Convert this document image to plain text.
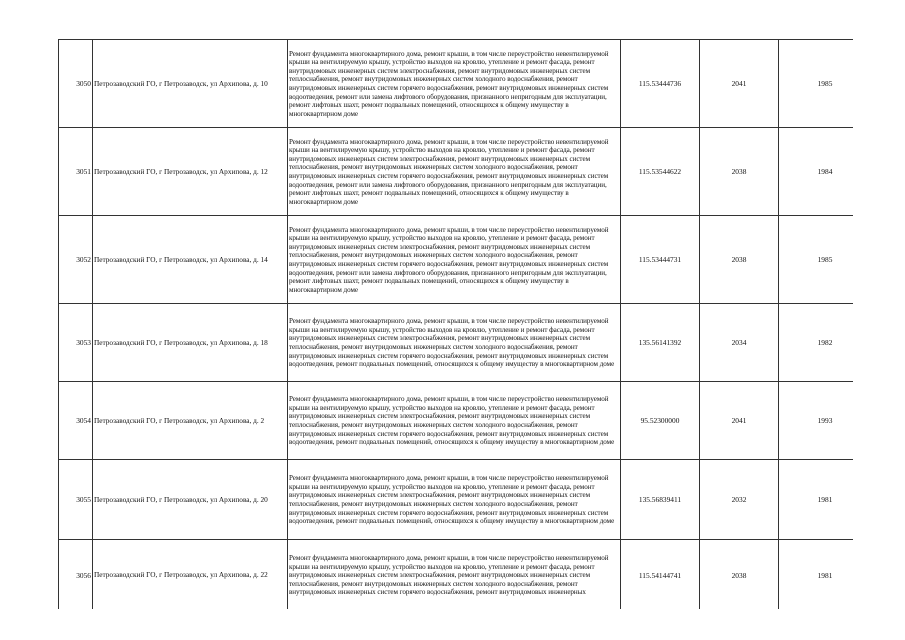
3050	Петрозаводский ГО, г Петрозаводск, ул Архипова, д. 10	Ремонт фундамента многоквартирного дома, ремонт крыши, в том числе переустройство невентилируемой крыши на вентилируемую крышу, устройство выходов на кровлю, утепление и ремонт фасада, ремонт внутридомовых инженерных систем электроснабжения, ремонт внутридомовых инженерных систем теплоснабжения, ремонт внутридомовых инженерных систем холодного водоснабжения, ремонт внутридомовых инженерных систем горячего водоснабжения, ремонт внутридомовых инженерных систем водоотведения, ремонт или замена лифтового оборудования, признанного непригодным для эксплуатации, ремонт лифтовых шахт, ремонт подвальных помещений, относящихся к общему имуществу в многоквартирном доме	115.53444736	2041	1985
3051	Петрозаводский ГО, г Петрозаводск, ул Архипова, д. 12	Ремонт фундамента многоквартирного дома, ремонт крыши, в том числе переустройство невентилируемой крыши на вентилируемую крышу, устройство выходов на кровлю, утепление и ремонт фасада, ремонт внутридомовых инженерных систем электроснабжения, ремонт внутридомовых инженерных систем теплоснабжения, ремонт внутридомовых инженерных систем холодного водоснабжения, ремонт внутридомовых инженерных систем горячего водоснабжения, ремонт внутридомовых инженерных систем водоотведения, ремонт или замена лифтового оборудования, признанного непригодным для эксплуатации, ремонт лифтовых шахт, ремонт подвальных помещений, относящихся к общему имуществу в многоквартирном доме	115.53544622	2038	1984
3052	Петрозаводский ГО, г Петрозаводск, ул Архипова, д. 14	Ремонт фундамента многоквартирного дома, ремонт крыши, в том числе переустройство невентилируемой крыши на вентилируемую крышу, устройство выходов на кровлю, утепление и ремонт фасада, ремонт внутридомовых инженерных систем электроснабжения, ремонт внутридомовых инженерных систем теплоснабжения, ремонт внутридомовых инженерных систем холодного водоснабжения, ремонт внутридомовых инженерных систем горячего водоснабжения, ремонт внутридомовых инженерных систем водоотведения, ремонт или замена лифтового оборудования, признанного непригодным для эксплуатации, ремонт лифтовых шахт, ремонт подвальных помещений, относящихся к общему имуществу в многоквартирном доме	115.53444731	2038	1985
3053	Петрозаводский ГО, г Петрозаводск, ул Архипова, д. 18	Ремонт фундамента многоквартирного дома, ремонт крыши, в том числе переустройство невентилируемой крыши на вентилируемую крышу, устройство выходов на кровлю, утепление и ремонт фасада, ремонт внутридомовых инженерных систем электроснабжения, ремонт внутридомовых инженерных систем теплоснабжения, ремонт внутридомовых инженерных систем холодного водоснабжения, ремонт внутридомовых инженерных систем горячего водоснабжения, ремонт внутридомовых инженерных систем водоотведения, ремонт подвальных помещений, относящихся к общему имуществу в многоквартирном доме	135.56141392	2034	1982
3054	Петрозаводский ГО, г Петрозаводск, ул Архипова, д. 2	Ремонт фундамента многоквартирного дома, ремонт крыши, в том числе переустройство невентилируемой крыши на вентилируемую крышу, устройство выходов на кровлю, утепление и ремонт фасада, ремонт внутридомовых инженерных систем электроснабжения, ремонт внутридомовых инженерных систем теплоснабжения, ремонт внутридомовых инженерных систем холодного водоснабжения, ремонт внутридомовых инженерных систем горячего водоснабжения, ремонт внутридомовых инженерных систем водоотведения, ремонт подвальных помещений, относящихся к общему имуществу в многоквартирном доме	95.52300000	2041	1993
3055	Петрозаводский ГО, г Петрозаводск, ул Архипова, д. 20	Ремонт фундамента многоквартирного дома, ремонт крыши, в том числе переустройство невентилируемой крыши на вентилируемую крышу, устройство выходов на кровлю, утепление и ремонт фасада, ремонт внутридомовых инженерных систем электроснабжения, ремонт внутридомовых инженерных систем теплоснабжения, ремонт внутридомовых инженерных систем холодного водоснабжения, ремонт внутридомовых инженерных систем горячего водоснабжения, ремонт внутридомовых инженерных систем водоотведения, ремонт подвальных помещений, относящихся к общему имуществу в многоквартирном доме	135.56839411	2032	1981
3056	Петрозаводский ГО, г Петрозаводск, ул Архипова, д. 22	Ремонт фундамента многоквартирного дома, ремонт крыши, в том числе переустройство невентилируемой крыши на вентилируемую крышу, устройство выходов на кровлю, утепление и ремонт фасада, ремонт внутридомовых инженерных систем электроснабжения, ремонт внутридомовых инженерных систем теплоснабжения, ремонт внутридомовых инженерных систем холодного водоснабжения, ремонт внутридомовых инженерных систем горячего водоснабжения, ремонт внутридомовых инженерных	115.54144741	2038	1981
